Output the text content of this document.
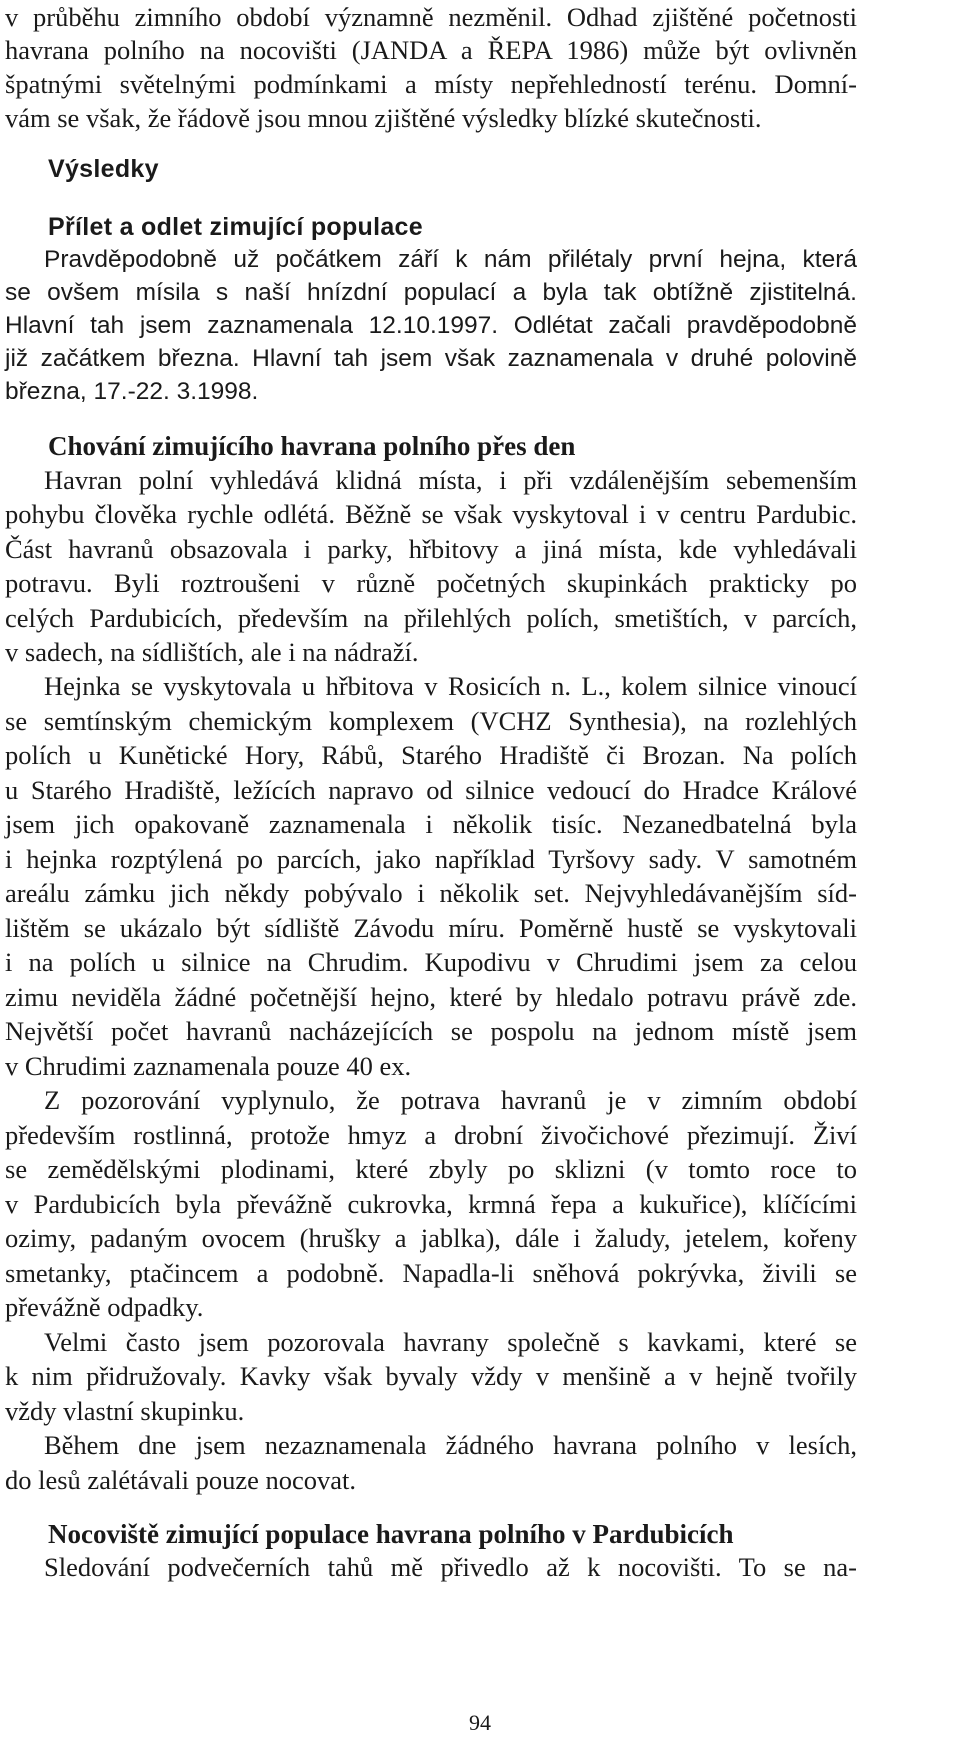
v průběhu zimního období významně nezměnil. Odhad zjištěné početnosti
havrana polního na nocovišti (JANDA a ŘEPA 1986) může být ovlivněn
špatnými světelnými podmínkami a místy nepřehledností terénu. Domní-
vám se však, že řádově jsou mnou zjištěné výsledky blízké skutečnosti.
Výsledky
Přílet a odlet zimující populace
Pravděpodobně už počátkem září k nám přilétaly první hejna, která
se ovšem mísila s naší hnízdní populací a byla tak obtížně zjistitelná.
Hlavní tah jsem zaznamenala 12.10.1997. Odlétat začali pravděpodobně
již začátkem března. Hlavní tah jsem však zaznamenala v druhé polovině
března, 17.-22. 3.1998.
Chování zimujícího havrana polního přes den
Havran polní vyhledává klidná místa, i při vzdálenějším sebemenším
pohybu člověka rychle odlétá. Běžně se však vyskytoval i v centru Pardubic.
Část havranů obsazovala i parky, hřbitovy a jiná místa, kde vyhledávali
potravu. Byli roztroušeni v různě početných skupinkách prakticky po
celých Pardubicích, především na přilehlých polích, smetištích, v parcích,
v sadech, na sídlištích, ale i na nádraží.
Hejnka se vyskytovala u hřbitova v Rosicích n. L., kolem silnice vinoucí
se semtínským chemickým komplexem (VCHZ Synthesia), na rozlehlých
polích u Kunětické Hory, Rábů, Starého Hradiště či Brozan. Na polích
u Starého Hradiště, ležících napravo od silnice vedoucí do Hradce Králové
jsem jich opakovaně zaznamenala i několik tisíc. Nezanedbatelná byla
i hejnka rozptýlená po parcích, jako například Tyršovy sady. V samotném
areálu zámku jich někdy pobývalo i několik set. Nejvyhledávanějším síd-
lištěm se ukázalo být sídliště Závodu míru. Poměrně hustě se vyskytovali
i na polích u silnice na Chrudim. Kupodivu v Chrudimi jsem za celou
zimu neviděla žádné početnější hejno, které by hledalo potravu právě zde.
Největší počet havranů nacházejících se pospolu na jednom místě jsem
v Chrudimi zaznamenala pouze 40 ex.
Z pozorování vyplynulo, že potrava havranů je v zimním období
především rostlinná, protože hmyz a drobní živočichové přezimují. Živí
se zemědělskými plodinami, které zbyly po sklizni (v tomto roce to
v Pardubicích byla převážně cukrovka, krmná řepa a kukuřice), klíčícími
ozimy, padaným ovocem (hrušky a jablka), dále i žaludy, jetelem, kořeny
smetanky, ptačincem a podobně. Napadla-li sněhová pokrývka, živili se
převážně odpadky.
Velmi často jsem pozorovala havrany společně s kavkami, které se
k nim přidružovaly. Kavky však byvaly vždy v menšině a v hejně tvořily
vždy vlastní skupinku.
Během dne jsem nezaznamenala žádného havrana polního v lesích,
do lesů zalétávali pouze nocovat.
Nocoviště zimující populace havrana polního v Pardubicích
Sledování podvečerních tahů mě přivedlo až k nocovišti. To se na-
94
